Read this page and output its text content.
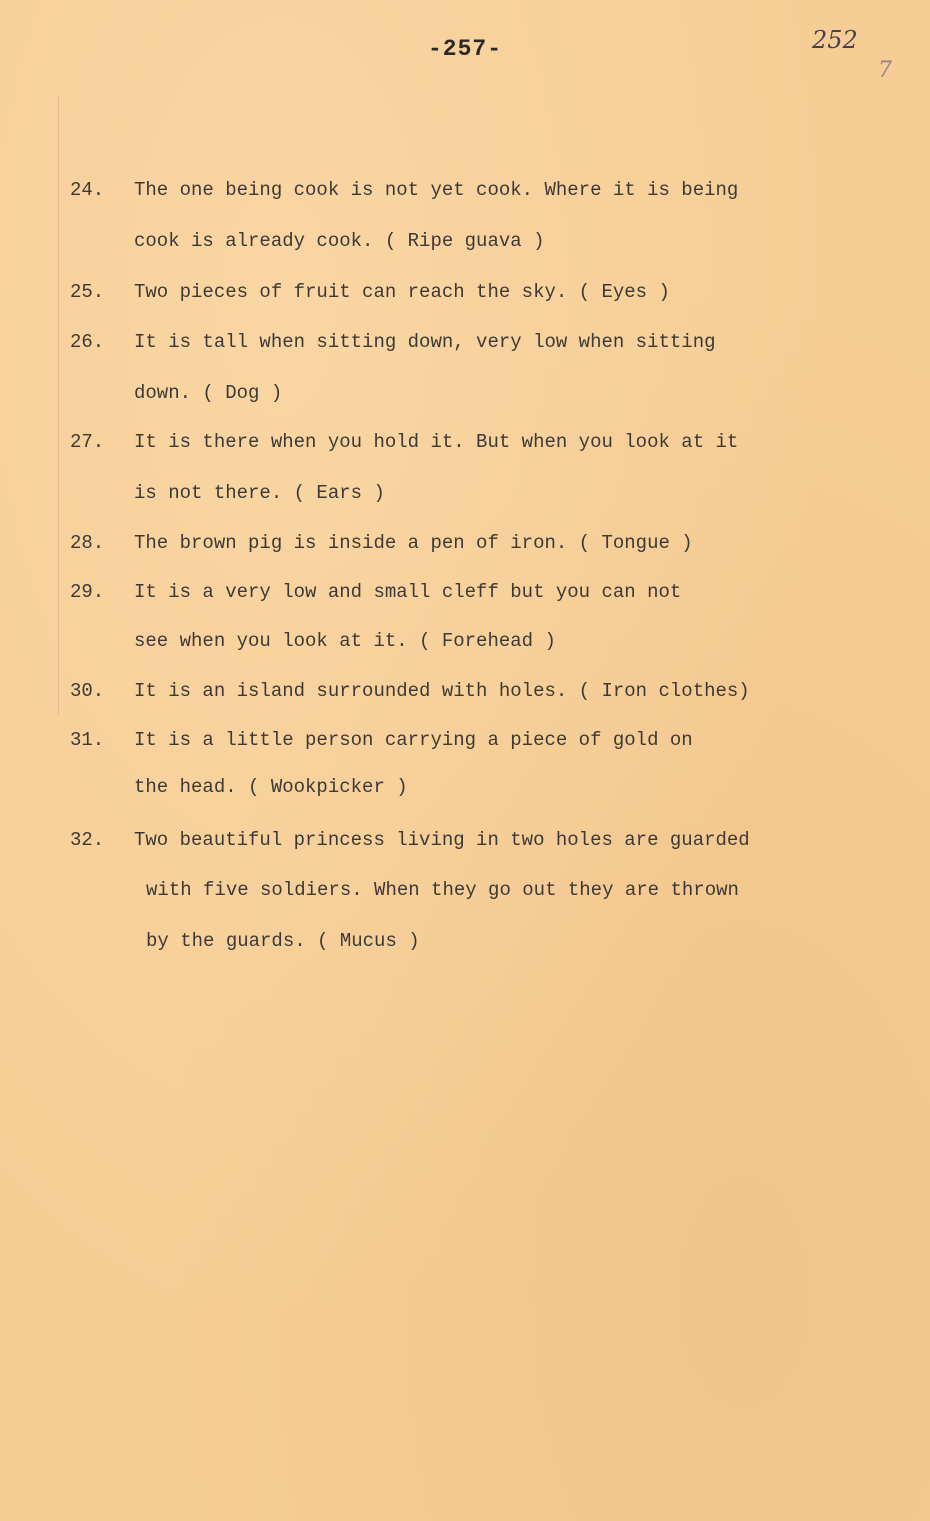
-257-	252
7
24. The one being cook is not yet cook. Where it is being
cook is already cook. ( Ripe guava )
25. Two pieces of fruit can reach the sky. ( Eyes )
26. It is tall when sitting down, very low when sitting
down. ( Dog )
27. It is there when you hold it. But when you look at it
is not there. ( Ears )
28. The brown pig is inside a pen of iron. ( Tongue )
29. It is a very low and small cleff but you can not
see when you look at it. ( Forehead )
30. It is an island surrounded with holes. ( Iron clothes)
31. It is a little person carrying a piece of gold on
the head. ( Wookpicker )
32. Two beautiful princess living in two holes are guarded
with five soldiers. When they go out they are thrown
by the guards. ( Mucus )
